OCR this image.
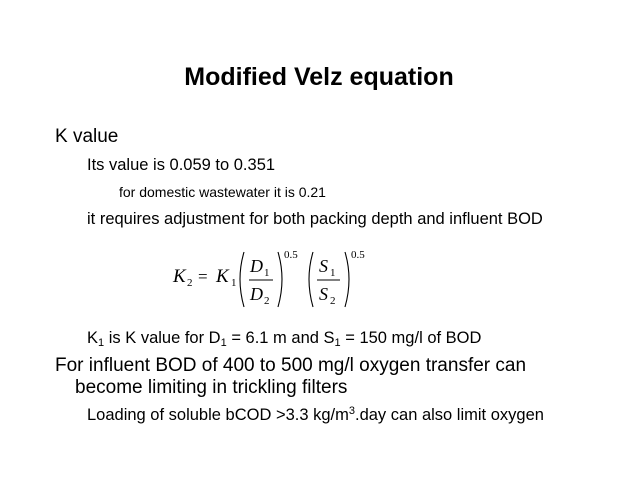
Modified Velz equation
K value
Its value is 0.059 to 0.351
for domestic wastewater it is 0.21
it requires adjustment for both packing depth and influent BOD
K 2 = K 1
D 1
D 2
0.5
S 1
S 2
0.5
$K_1$ is K value for $D_1 = 6.1$ m and $S_1 = 150$ mg/l of BOD
For influent BOD of 400 to 500 mg/l oxygen transfer can
become limiting in trickling filters
Loading of soluble bCOD >3.3 $kg/m^3.day$ can also limit oxygen
